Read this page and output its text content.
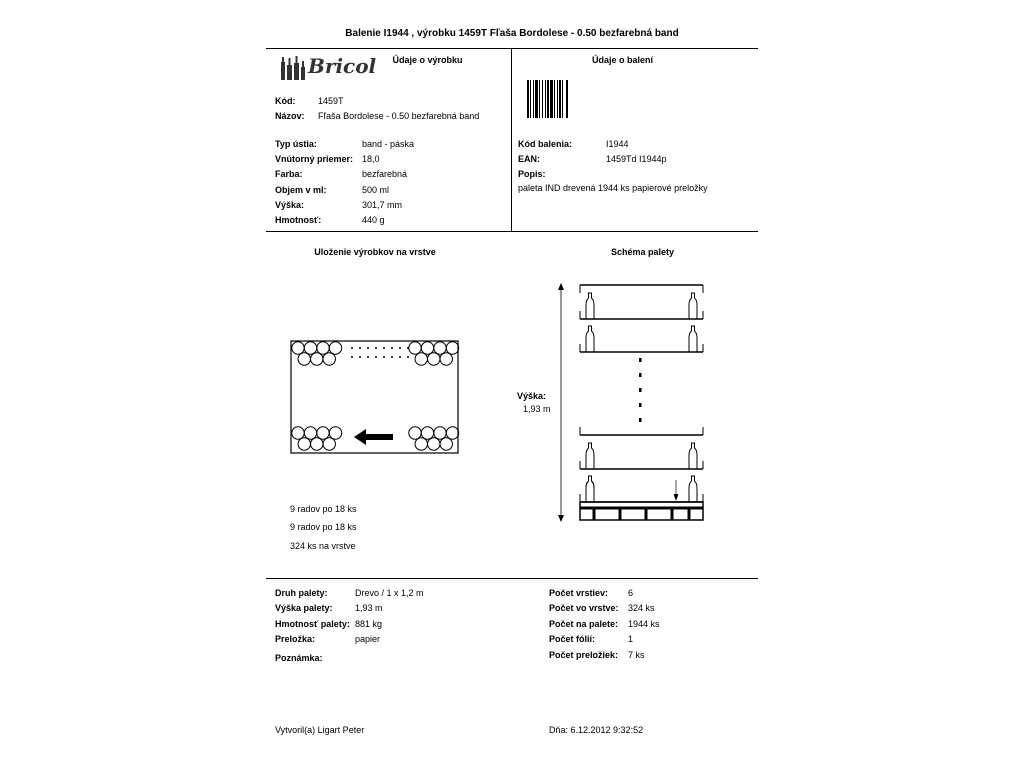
Balenie I1944 , výrobku 1459T Fľaša Bordolese - 0.50 bezfarebná band
Bricol	Údaje o výrobku
Kód:	1459T
Názov: Fľaša Bordolese - 0.50 bezfarebná band
Typ ústia:	band - páska
Vnútorný priemer: 18,0
Farba:	bezfarebná
Objem v ml:	500 ml
Výška:	301,7 mm
Hmotnosť:	440 g
Údaje o balení
Kód balenia:	I1944
EAN:	1459Td I1944p
Popis:
paleta IND drevená 1944 ks papierové preložky
Uloženie výrobkov na vrstve	Schéma palety
9 radov po 18 ks
9 radov po 18 ks
324 ks na vrstve
Výška:
1,93 m
Druh palety:	Drevo / 1 x 1,2 m
Výška palety: 1,93 m
Hmotnosť palety: 881 kg
Preložka:	papier
Poznámka:
Počet vrstiev: 6
Počet vo vrstve: 324 ks
Počet na palete: 1944 ks
Počet fólií:	1
Počet preložiek: 7 ks
Vytvoril(a) Ligart Peter	Dňa: 6.12.2012 9:32:52
